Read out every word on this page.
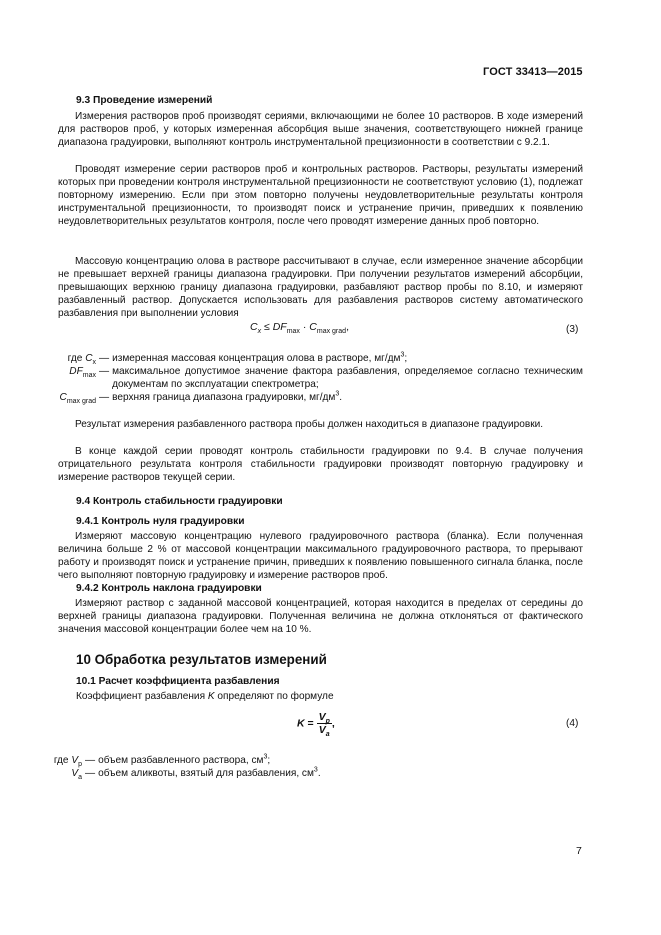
ГОСТ 33413—2015
9.3 Проведение измерений
Измерения растворов проб производят сериями, включающими не более 10 растворов. В ходе измерений для растворов проб, у которых измеренная абсорбция выше значения, соответствующего нижней границе диапазона градуировки, выполняют контроль инструментальной прецизионности в соответствии с 9.2.1.
Проводят измерение серии растворов проб и контрольных растворов. Растворы, результаты измерений которых при проведении контроля инструментальной прецизионности не соответствуют условию (1), подлежат повторному измерению. Если при этом повторно получены неудовлетворительные результаты контроля инструментальной прецизионности, то производят поиск и устранение причин, приведших к появлению неудовлетворительных результатов контроля, после чего проводят измерение данных проб повторно.
Массовую концентрацию олова в растворе рассчитывают в случае, если измеренное значение абсорбции не превышает верхней границы диапазона градуировки. При получении результатов измерений абсорбции, превышающих верхнюю границу диапазона градуировки, разбавляют раствор пробы по 8.10, и измеряют разбавленный раствор. Допускается использовать для разбавления растворов систему автоматического разбавления при выполнении условия
$C_x \le DF_{max} \cdot C_{max grad}$,	(3)
где $C_x$	—	измеренная массовая концентрация олова в растворе, $мг/дм^3$;
$DF_{max}$	—	максимальное допустимое значение фактора разбавления, определяемое согласно техническим документам по эксплуатации спектрометра;
$C_{max grad}$	—	верхняя граница диапазона градуировки, $мг/дм^3$.
Результат измерения разбавленного раствора пробы должен находиться в диапазоне градуировки.
В конце каждой серии проводят контроль стабильности градуировки по 9.4. В случае получения отрицательного результата контроля стабильности градуировки производят повторную градуировку и измерение растворов текущей серии.
9.4 Контроль стабильности градуировки
9.4.1 Контроль нуля градуировки
Измеряют массовую концентрацию нулевого градуировочного раствора (бланка). Если полученная величина больше 2 % от массовой концентрации максимального градуировочного раствора, то прерывают работу и производят поиск и устранение причин, приведших к появлению повышенного сигнала бланка, после чего выполняют повторную градуировку и измерение растворов проб.
9.4.2 Контроль наклона градуировки
Измеряют раствор с заданной массовой концентрацией, которая находится в пределах от середины до верхней границы диапазона градуировки. Полученная величина не должна отклоняться от фактического значения массовой концентрации более чем на 10 %.
10 Обработка результатов измерений
10.1 Расчет коэффициента разбавления
Коэффициент разбавления K определяют по формуле
$K = \frac{V_p}{V_a}$ ,	(4)
где $V_p$	—	объем разбавленного раствора, $см^3$;
$V_a$	—	объем аликвоты, взятый для разбавления, $см^3$.
7
